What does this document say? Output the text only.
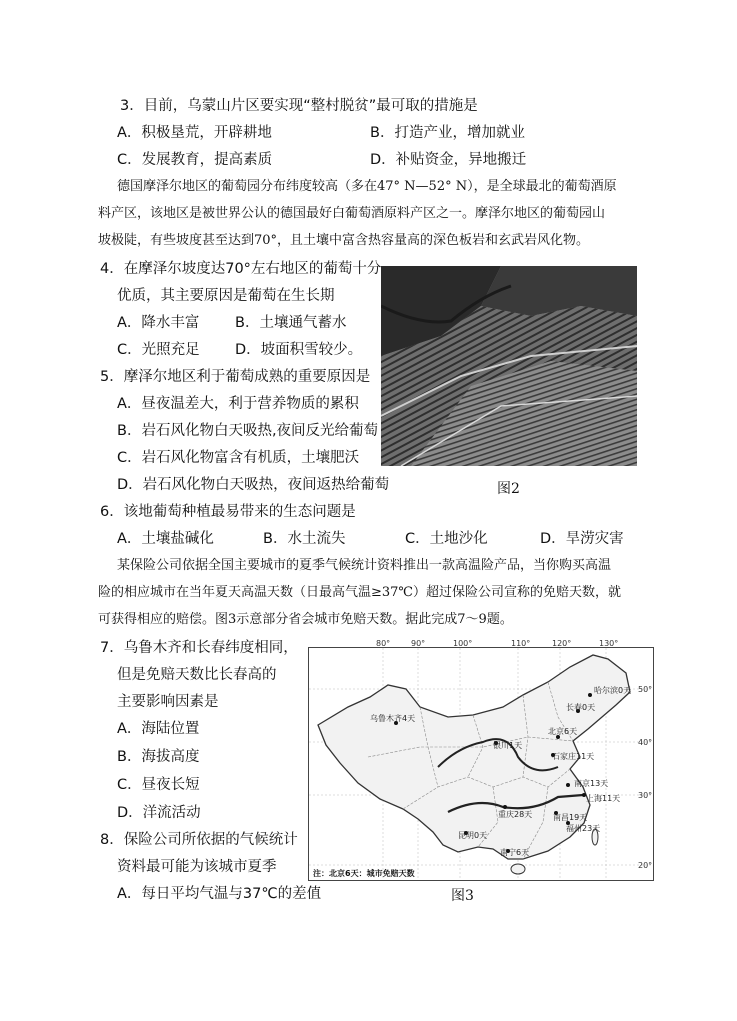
3．目前，乌蒙山片区要实现“整村脱贫”最可取的措施是
A．积极垦荒，开辟耕地	B．打造产业，增加就业
C．发展教育，提高素质	D．补贴资金，异地搬迁
德国摩泽尔地区的葡萄园分布纬度较高（多在47° N—52° N），是全球最北的葡萄酒原
料产区，该地区是被世界公认的德国最好白葡萄酒原料产区之一。摩泽尔地区的葡萄园山
坡极陡，有些坡度甚至达到70°，且土壤中富含热容量高的深色板岩和玄武岩风化物。
4．在摩泽尔坡度达70°左右地区的葡萄十分
优质，其主要原因是葡萄在生长期
A．降水丰富 B．土壤通气蓄水
C．光照充足 D．坡面积雪较少。
5．摩泽尔地区利于葡萄成熟的重要原因是
A．昼夜温差大，利于营养物质的累积
B．岩石风化物白天吸热,夜间反光给葡萄
C．岩石风化物富含有机质，土壤肥沃
D．岩石风化物白天吸热，夜间返热给葡萄	图2
6．该地葡萄种植最易带来的生态问题是
A．土壤盐碱化	B．水土流失	C．土地沙化	D．旱涝灾害
某保险公司依据全国主要城市的夏季气候统计资料推出一款高温险产品，当你购买高温
险的相应城市在当年夏天高温天数（日最高气温≥37℃）超过保险公司宣称的免赔天数，就
可获得相应的赔偿。图3示意部分省会城市免赔天数。据此完成7～9题。
7．乌鲁木齐和长春纬度相同，
但是免赔天数比长春高的
主要影响因素是
A．海陆位置
B．海拔高度
C．昼夜长短
D．洋流活动
8．保险公司所依据的气候统计
资料最可能为该城市夏季
A．每日平均气温与37℃的差值
80°	90°	100°	110°	120°	130°
50°
40°
30°
20°
哈尔滨0天
长春0天
乌鲁木齐4天
北京6天
银川1天
石家庄11天
南京13天
上海11天
重庆28天	南昌19天
福州23天
昆明0天
南宁6天
注：北京6天：城市免赔天数
图3
